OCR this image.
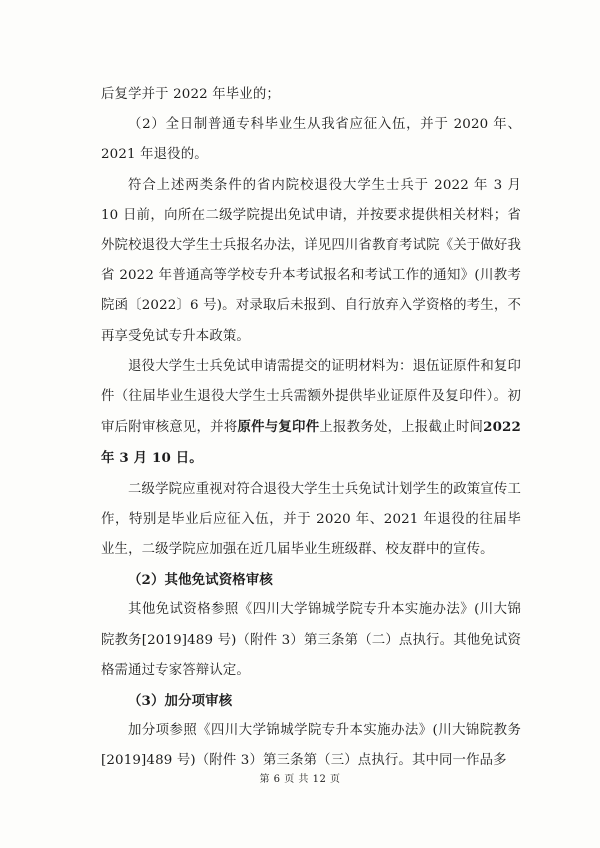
后复学并于 2022 年毕业的；

（2）全日制普通专科毕业生从我省应征入伍，并于 2020 年、2021 年退役的。

符合上述两类条件的省内院校退役大学生士兵于 2022 年 3 月 10 日前，向所在二级学院提出免试申请，并按要求提供相关材料；省外院校退役大学生士兵报名办法，详见四川省教育考试院《关于做好我省 2022 年普通高等学校专升本考试报名和考试工作的通知》(川教考院函〔2022〕6 号)。对录取后未报到、自行放弃入学资格的考生，不再享受免试专升本政策。

退役大学生士兵免试申请需提交的证明材料为：退伍证原件和复印件（往届毕业生退役大学生士兵需额外提供毕业证原件及复印件）。初审后附审核意见，并将原件与复印件上报教务处，上报截止时间2022 年 3 月 10 日。

二级学院应重视对符合退役大学生士兵免试计划学生的政策宣传工作，特别是毕业后应征入伍，并于 2020 年、2021 年退役的往届毕业生，二级学院应加强在近几届毕业生班级群、校友群中的宣传。

（2）其他免试资格审核

其他免试资格参照《四川大学锦城学院专升本实施办法》(川大锦院教务[2019]489 号)（附件 3）第三条第（二）点执行。其他免试资格需通过专家答辩认定。

（3）加分项审核

加分项参照《四川大学锦城学院专升本实施办法》(川大锦院教务[2019]489 号)（附件 3）第三条第（三）点执行。其中同一作品多

第 6 页 共 12 页
